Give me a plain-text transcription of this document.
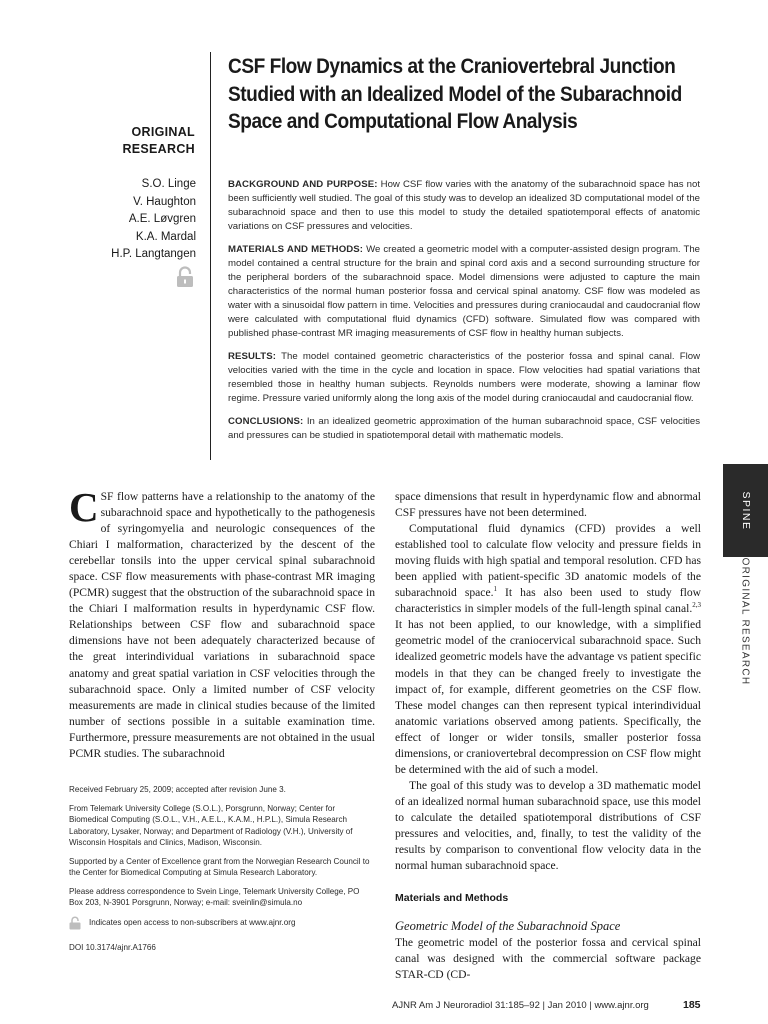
ORIGINAL
RESEARCH
S.O. Linge
V. Haughton
A.E. Løvgren
K.A. Mardal
H.P. Langtangen
CSF Flow Dynamics at the Craniovertebral Junction Studied with an Idealized Model of the Subarachnoid Space and Computational Flow Analysis

BACKGROUND AND PURPOSE: How CSF flow varies with the anatomy of the subarachnoid space has not been sufficiently well studied. The goal of this study was to develop an idealized 3D computational model of the subarachnoid space and then to use this model to study the detailed spatiotemporal effects of anatomic variations on CSF pressures and velocities.

MATERIALS AND METHODS: We created a geometric model with a computer-assisted design program. The model contained a central structure for the brain and spinal cord axis and a second surrounding structure for the peripheral borders of the subarachnoid space. Model dimensions were adjusted to capture the main characteristics of the normal human posterior fossa and cervical spinal anatomy. CSF flow was modeled as water with a sinusoidal flow pattern in time. Velocities and pressures during craniocaudal and caudocranial flow were calculated with computational fluid dynamics (CFD) software. Simulated flow was compared with published phase-contrast MR imaging measurements of CSF flow in healthy human subjects.

RESULTS: The model contained geometric characteristics of the posterior fossa and spinal canal. Flow velocities varied with the time in the cycle and location in space. Flow velocities had spatial variations that resembled those in healthy human subjects. Reynolds numbers were moderate, showing a laminar flow regime. Pressure varied uniformly along the long axis of the model during craniocaudal and caudocranial flow.

CONCLUSIONS: In an idealized geometric approximation of the human subarachnoid space, CSF velocities and pressures can be studied in spatiotemporal detail with mathematic models.

SPINE
ORIGINAL RESEARCH

CSF flow patterns have a relationship to the anatomy of the subarachnoid space and hypothetically to the pathogenesis of syringomyelia and neurologic consequences of the Chiari I malformation, characterized by the descent of the cerebellar tonsils into the upper cervical spinal subarachnoid space. CSF flow measurements with phase-contrast MR imaging (PCMR) suggest that the obstruction of the subarachnoid space in the Chiari I malformation results in hyperdynamic CSF flow. Relationships between CSF flow and subarachnoid space dimensions have not been adequately characterized because of the great interindividual variations in subarachnoid space anatomy and great spatial variation in CSF velocities through the subarachnoid space. Only a limited number of CSF velocity measurements are made in clinical studies because of the limited number of sections possible in a suitable examination time. Furthermore, pressure measurements are not obtained in the usual PCMR studies. The subarachnoid

space dimensions that result in hyperdynamic flow and abnormal CSF pressures have not been determined.

Computational fluid dynamics (CFD) provides a well established tool to calculate flow velocity and pressure fields in moving fluids with high spatial and temporal resolution. CFD has been applied with patient-specific 3D anatomic models of the subarachnoid space.$^1$ It has also been used to study flow characteristics in simpler models of the full-length spinal canal.$^{2,3}$ It has not been applied, to our knowledge, with a simplified geometric model of the craniocervical subarachnoid space. Such idealized geometric models have the advantage vs patient specific models in that they can be changed freely to investigate the impact of, for example, different geometries on the CSF flow. These model changes can then represent typical interindividual anatomic variations observed among patients. Specifically, the effect of longer or wider tonsils, smaller posterior fossa dimensions, or craniovertebral decompression on CSF flow might be determined with the aid of such a model.

The goal of this study was to develop a 3D mathematic model of an idealized normal human subarachnoid space, use this model to calculate the detailed spatiotemporal distributions of CSF pressures and velocities, and, finally, to test the validity of the results by comparison to conventional flow velocity data in the normal human subarachnoid space.

Materials and Methods
Geometric Model of the Subarachnoid Space

The geometric model of the posterior fossa and cervical spinal canal was designed with the commercial software package STAR-CD (CD-

Received February 25, 2009; accepted after revision June 3.

From Telemark University College (S.O.L.), Porsgrunn, Norway; Center for Biomedical Computing (S.O.L., V.H., A.E.L., K.A.M., H.P.L.), Simula Research Laboratory, Lysaker, Norway; and Department of Radiology (V.H.), University of Wisconsin Hospitals and Clinics, Madison, Wisconsin.

Supported by a Center of Excellence grant from the Norwegian Research Council to the Center for Biomedical Computing at Simula Research Laboratory.

Please address correspondence to Svein Linge, Telemark University College, PO Box 203, N-3901 Porsgrunn, Norway; e-mail: sveinlin@simula.no

Indicates open access to non-subscribers at www.ajnr.org

DOI 10.3174/ajnr.A1766

AJNR Am J Neuroradiol 31:185–92 | Jan 2010 | www.ajnr.org	185
